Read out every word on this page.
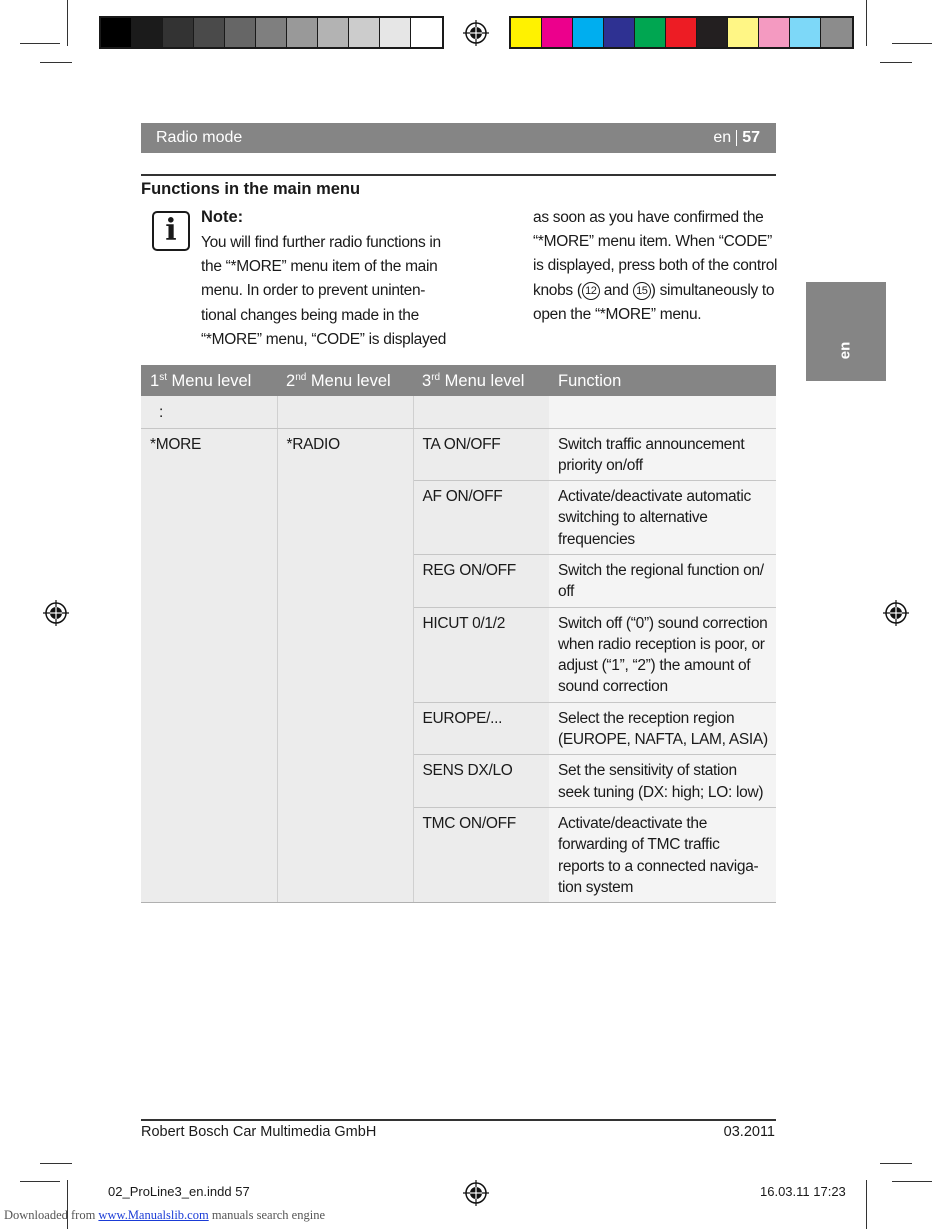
Radio mode	en 57
Functions in the main menu
i	Note:
You will find further radio functions in the “*MORE” menu item of the main menu. In order to prevent uninten-tional changes being made in the “*MORE” menu, “CODE” is displayed
as soon as you have confirmed the “*MORE” menu item. When “CODE” is displayed, press both of the control knobs ( 12 and 15 ) simultaneously to open the “*MORE” menu.
en
1st Menu level	2nd Menu level	3rd Menu level	Function
:			
*MORE	*RADIO	TA ON/OFF	Switch traffic announcement priority on/off
		AF ON/OFF	Activate/deactivate automatic switching to alternative frequencies
		REG ON/OFF	Switch the regional function on/ off
		HICUT 0/1/2	Switch off (“0”) sound correction when radio reception is poor, or adjust (“1”, “2”) the amount of sound correction
		EUROPE/...	Select the reception region (EUROPE, NAFTA, LAM, ASIA)
		SENS DX/LO	Set the sensitivity of station seek tuning (DX: high; LO: low)
		TMC ON/OFF	Activate/deactivate the forwarding of TMC traffic reports to a connected naviga-tion system
Robert Bosch Car Multimedia GmbH	03.2011
02_ProLine3_en.indd 57	16.03.11 17:23
Downloaded from www.Manualslib.com manuals search engine
